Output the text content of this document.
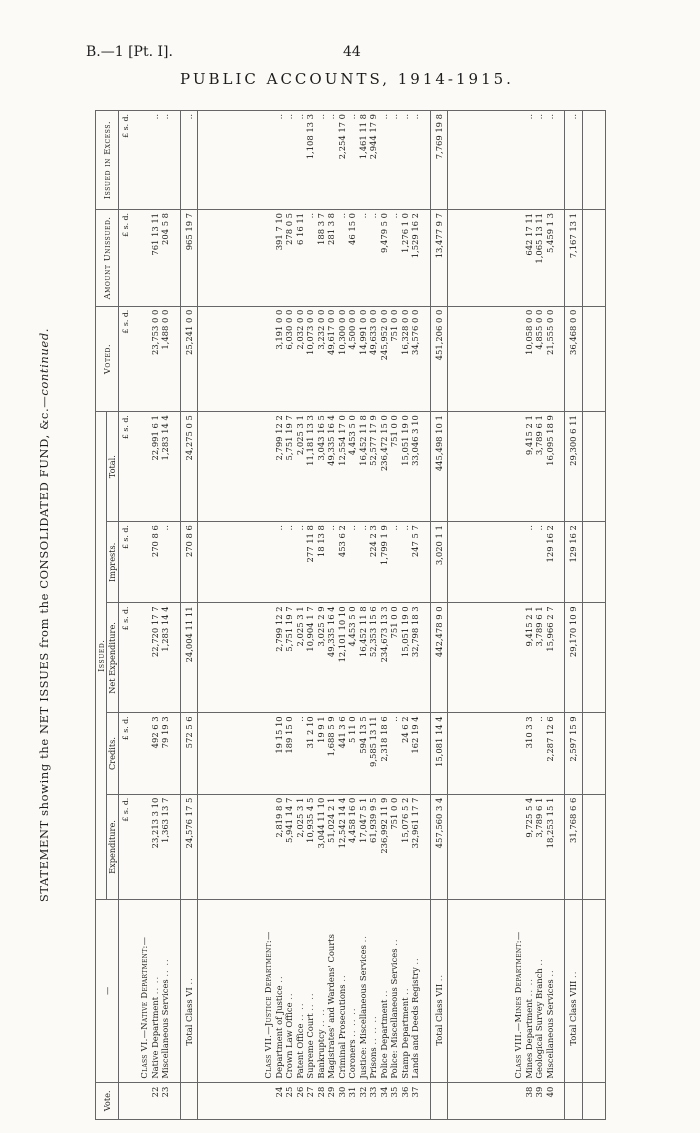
B.—1 [Pt. I].	44
PUBLIC ACCOUNTS, 1914-1915.
STATEMENT showing the NET ISSUES from the CONSOLIDATED FUND, &c.—continued.
Vote.	—	Issued.					Voted.	Amount Unissued.	Issued in Excess.
		Expenditure.	Credits.	Net Expenditure.	Imprests.	Total.			
		£ s. d.	£ s. d.	£ s. d.	£ s. d.	£ s. d.	£ s. d.	£ s. d.	£ s. d.

	Class VI.—Native Department:—								
22	Native Department .. ..	23,213 3 10	492 6 3	22,720 17 7	270 8 6	22,991 6 1	23,753 0 0	761 13 11	..
23	Miscellaneous Services .. ..	1,363 13 7	79 19 3	1,283 14 4	..	1,283 14 4	1,488 0 0	204 5 8	..

	Total Class VI ..	24,576 17 5	572 5 6	24,004 11 11	270 8 6	24,275 0 5	25,241 0 0	965 19 7	..

	Class VII.—Justice Department:—								
24	Department of Justice ..	2,819 8 0	19 15 10	2,799 12 2	..	2,799 12 2	3,191 0 0	391 7 10	..
25	Crown Law Office ..	5,941 14 7	189 15 0	5,751 19 7	..	5,751 19 7	6,030 0 0	278 0 5	..
26	Patent Office .. ..	2,025 3 1	..	2,025 3 1	..	2,025 3 1	2,032 0 0	6 16 11	..
27	Supreme Court .. ..	10,935 4 5	31 2 10	10,904 1 7	277 11 8	11,181 13 3	10,073 0 0	..	1,108 13 3
28	Bankruptcy .. ..	3,044 11 10	19 9 1	3,025 2 9	18 13 8	3,043 16 5	3,232 0 0	188 3 7	..
29	Magistrates' and Wardens' Courts	51,024 2 1	1,688 5 9	49,335 16 4	..	49,335 16 4	49,617 0 0	281 3 8	..
30	Criminal Prosecutions ..	12,542 14 4	441 3 6	12,101 10 10	453 6 2	12,554 17 0	10,300 0 0	..	2,254 17 0
31	Coroners .. .. ..	4,458 16 0	5 11 0	4,453 5 0	..	4,453 5 0	4,500 0 0	46 15 0	..
32	Justice: Miscellaneous Services ..	17,047 5 1	594 13 5	16,452 11 8	..	16,452 11 8	14,991 0 0	..	1,461 11 8
33	Prisons .. .. ..	61,939 9 5	9,585 13 11	52,353 15 6	224 2 3	52,577 17 9	49,633 0 0	..	2,944 17 9
34	Police Department ..	236,992 11 9	2,318 18 6	234,673 13 3	1,799 1 9	236,472 15 0	245,952 0 0	9,479 5 0	..
35	Police: Miscellaneous Services ..	751 0 0	..	751 0 0	..	751 0 0	751 0 0	..	..
36	Stamp Department ..	15,076 5 2	24 6 2	15,051 19 0	..	15,051 19 0	16,328 0 0	1,276 1 0	..
37	Lands and Deeds Registry ..	32,961 17 7	162 19 4	32,798 18 3	247 5 7	33,046 3 10	34,576 0 0	1,529 16 2	..

	Total Class VII ..	457,560 3 4	15,081 14 4	442,478 9 0	3,020 1 1	445,498 10 1	451,206 0 0	13,477 9 7	7,769 19 8

	Class VIII.—Mines Department:—								
38	Mines Department .. ..	9,725 5 4	310 3 3	9,415 2 1	..	9,415 2 1	10,058 0 0	642 17 11	..
39	Geological Survey Branch ..	3,789 6 1	..	3,789 6 1	..	3,789 6 1	4,855 0 0	1,065 13 11	..
40	Miscellaneous Services ..	18,253 15 1	2,287 12 6	15,966 2 7	129 16 2	16,095 18 9	21,555 0 0	5,459 1 3	..

	Total Class VIII ..	31,768 6 6	2,597 15 9	29,170 10 9	129 16 2	29,300 6 11	36,468 0 0	7,167 13 1	..
